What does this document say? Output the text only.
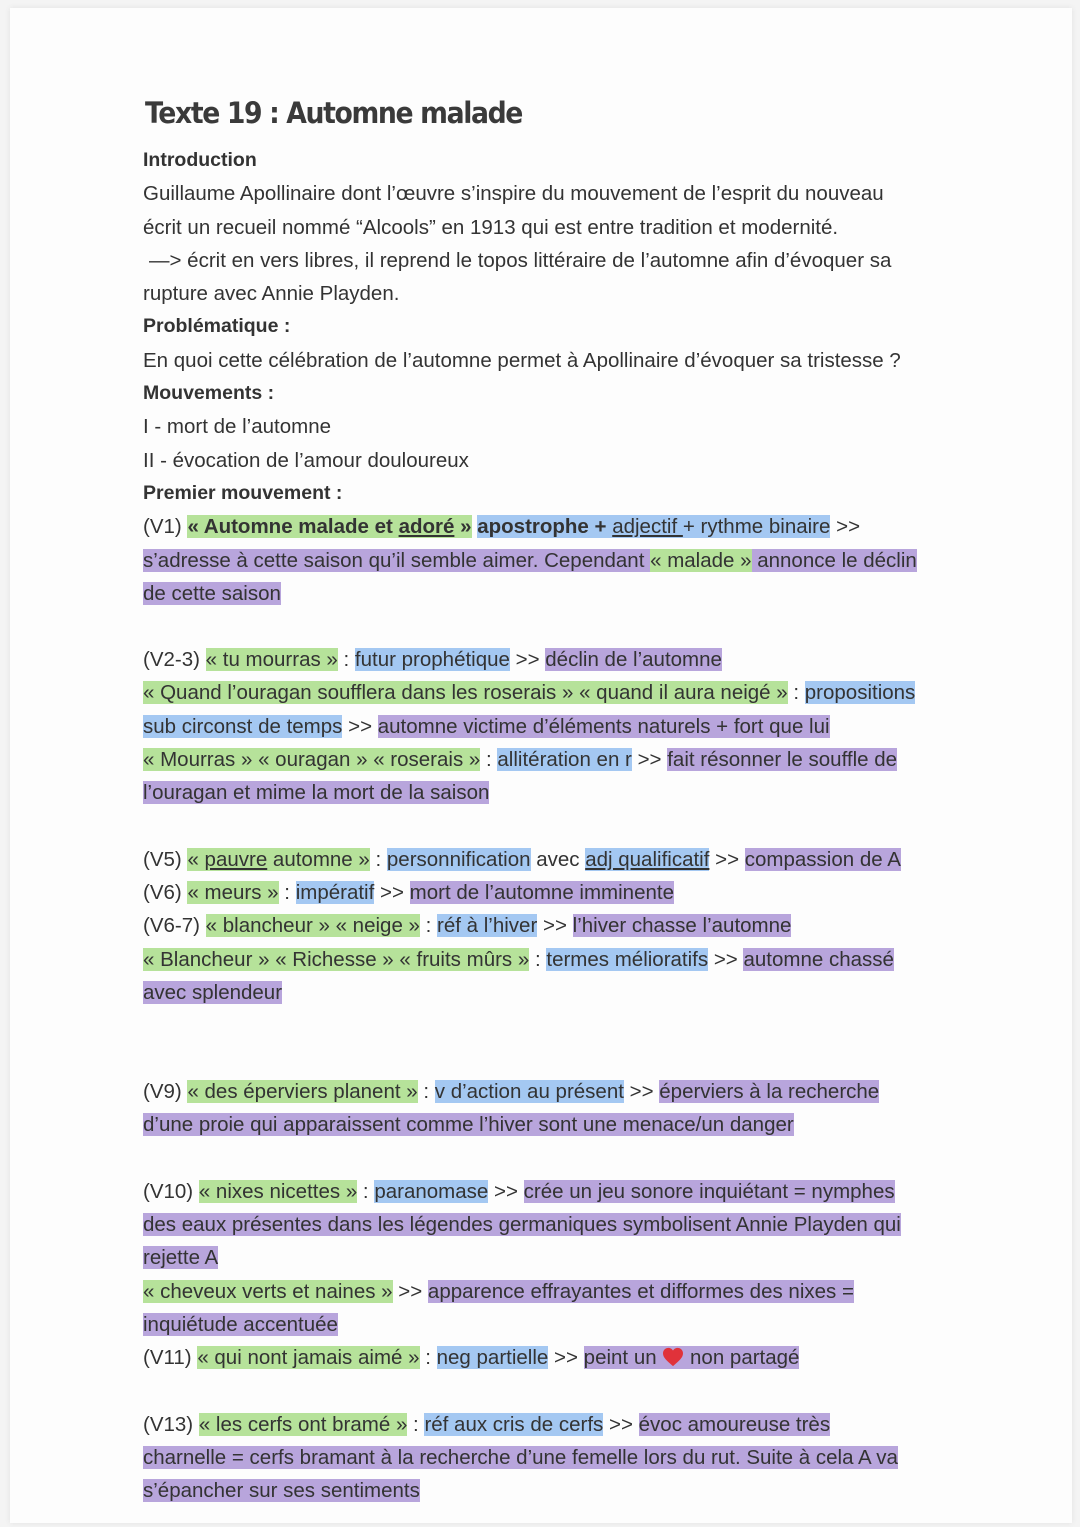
Texte 19 : Automne malade

Introduction

Guillaume Apollinaire dont l’œuvre s’inspire du mouvement de l’esprit du nouveau

écrit un recueil nommé “Alcools” en 1913 qui est entre tradition et modernité.

—> écrit en vers libres, il reprend le topos littéraire de l’automne afin d’évoquer sa

rupture avec Annie Playden.

Problématique :

En quoi cette célébration de l’automne permet à Apollinaire d’évoquer sa tristesse ?

Mouvements :

I - mort de l’automne

II - évocation de l’amour douloureux

Premier mouvement :

(V1) « Automne malade et adoré » apostrophe + adjectif + rythme binaire >>

s’adresse à cette saison qu’il semble aimer. Cependant « malade » annonce le déclin

de cette saison

(V2-3) « tu mourras » : futur prophétique >> déclin de l’automne

« Quand l’ouragan soufflera dans les roserais » « quand il aura neigé » : propositions

sub circonst de temps >> automne victime d’éléments naturels + fort que lui

« Mourras » « ouragan » « roserais » : allitération en r >> fait résonner le souffle de

l’ouragan et mime la mort de la saison

(V5) « pauvre automne » : personnification avec adj qualificatif >> compassion de A

(V6) « meurs » : impératif >> mort de l’automne imminente

(V6-7) « blancheur » « neige » : réf à l’hiver >> l’hiver chasse l’automne

« Blancheur » « Richesse » « fruits mûrs » : termes mélioratifs >> automne chassé

avec splendeur

(V9) « des éperviers planent » : v d’action au présent >> éperviers à la recherche

d’une proie qui apparaissent comme l’hiver sont une menace/un danger

(V10) « nixes nicettes » : paranomase >> crée un jeu sonore inquiétant = nymphes

des eaux présentes dans les légendes germaniques symbolisent Annie Playden qui

rejette A

« cheveux verts et naines » >> apparence effrayantes et difformes des nixes =

inquiétude accentuée

(V11) « qui nont jamais aimé » : neg partielle >> peint un  non partagé

(V13) « les cerfs ont bramé » : réf aux cris de cerfs >> évoc amoureuse très

charnelle = cerfs bramant à la recherche d’une femelle lors du rut. Suite à cela A va

s’épancher sur ses sentiments
